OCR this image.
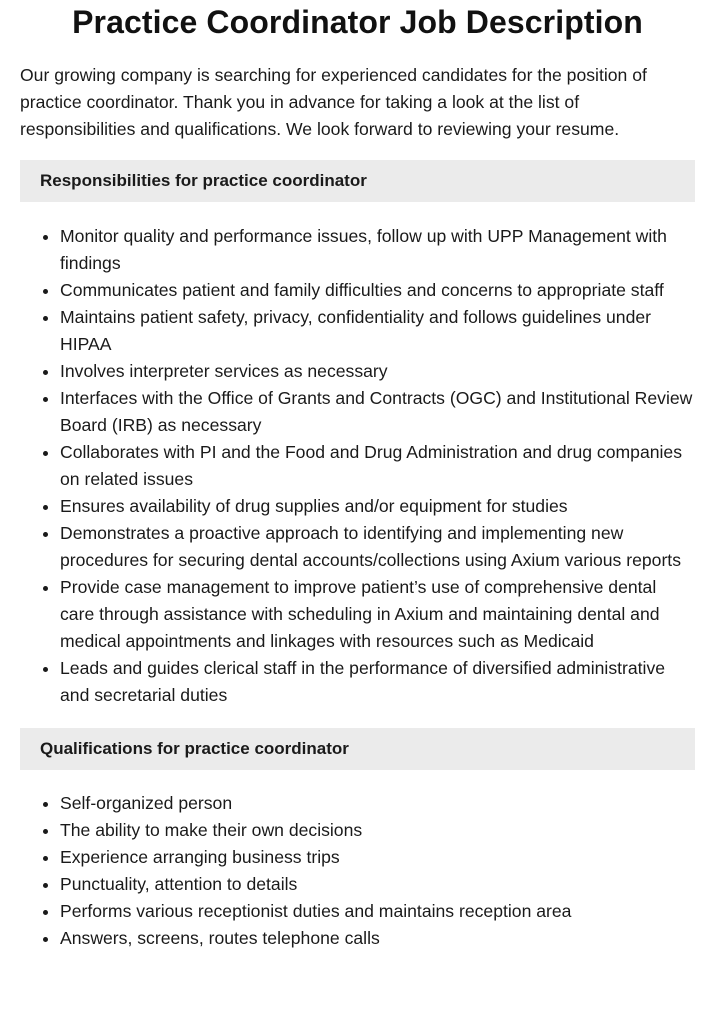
Practice Coordinator Job Description

Our growing company is searching for experienced candidates for the position of practice coordinator. Thank you in advance for taking a look at the list of responsibilities and qualifications. We look forward to reviewing your resume.

Responsibilities for practice coordinator
• Monitor quality and performance issues, follow up with UPP Management with findings
• Communicates patient and family difficulties and concerns to appropriate staff
• Maintains patient safety, privacy, confidentiality and follows guidelines under HIPAA
• Involves interpreter services as necessary
• Interfaces with the Office of Grants and Contracts (OGC) and Institutional Review Board (IRB) as necessary
• Collaborates with PI and the Food and Drug Administration and drug companies on related issues
• Ensures availability of drug supplies and/or equipment for studies
• Demonstrates a proactive approach to identifying and implementing new procedures for securing dental accounts/collections using Axium various reports
• Provide case management to improve patient’s use of comprehensive dental care through assistance with scheduling in Axium and maintaining dental and medical appointments and linkages with resources such as Medicaid
• Leads and guides clerical staff in the performance of diversified administrative and secretarial duties
Qualifications for practice coordinator
• Self-organized person
• The ability to make their own decisions
• Experience arranging business trips
• Punctuality, attention to details
• Performs various receptionist duties and maintains reception area
• Answers, screens, routes telephone calls
